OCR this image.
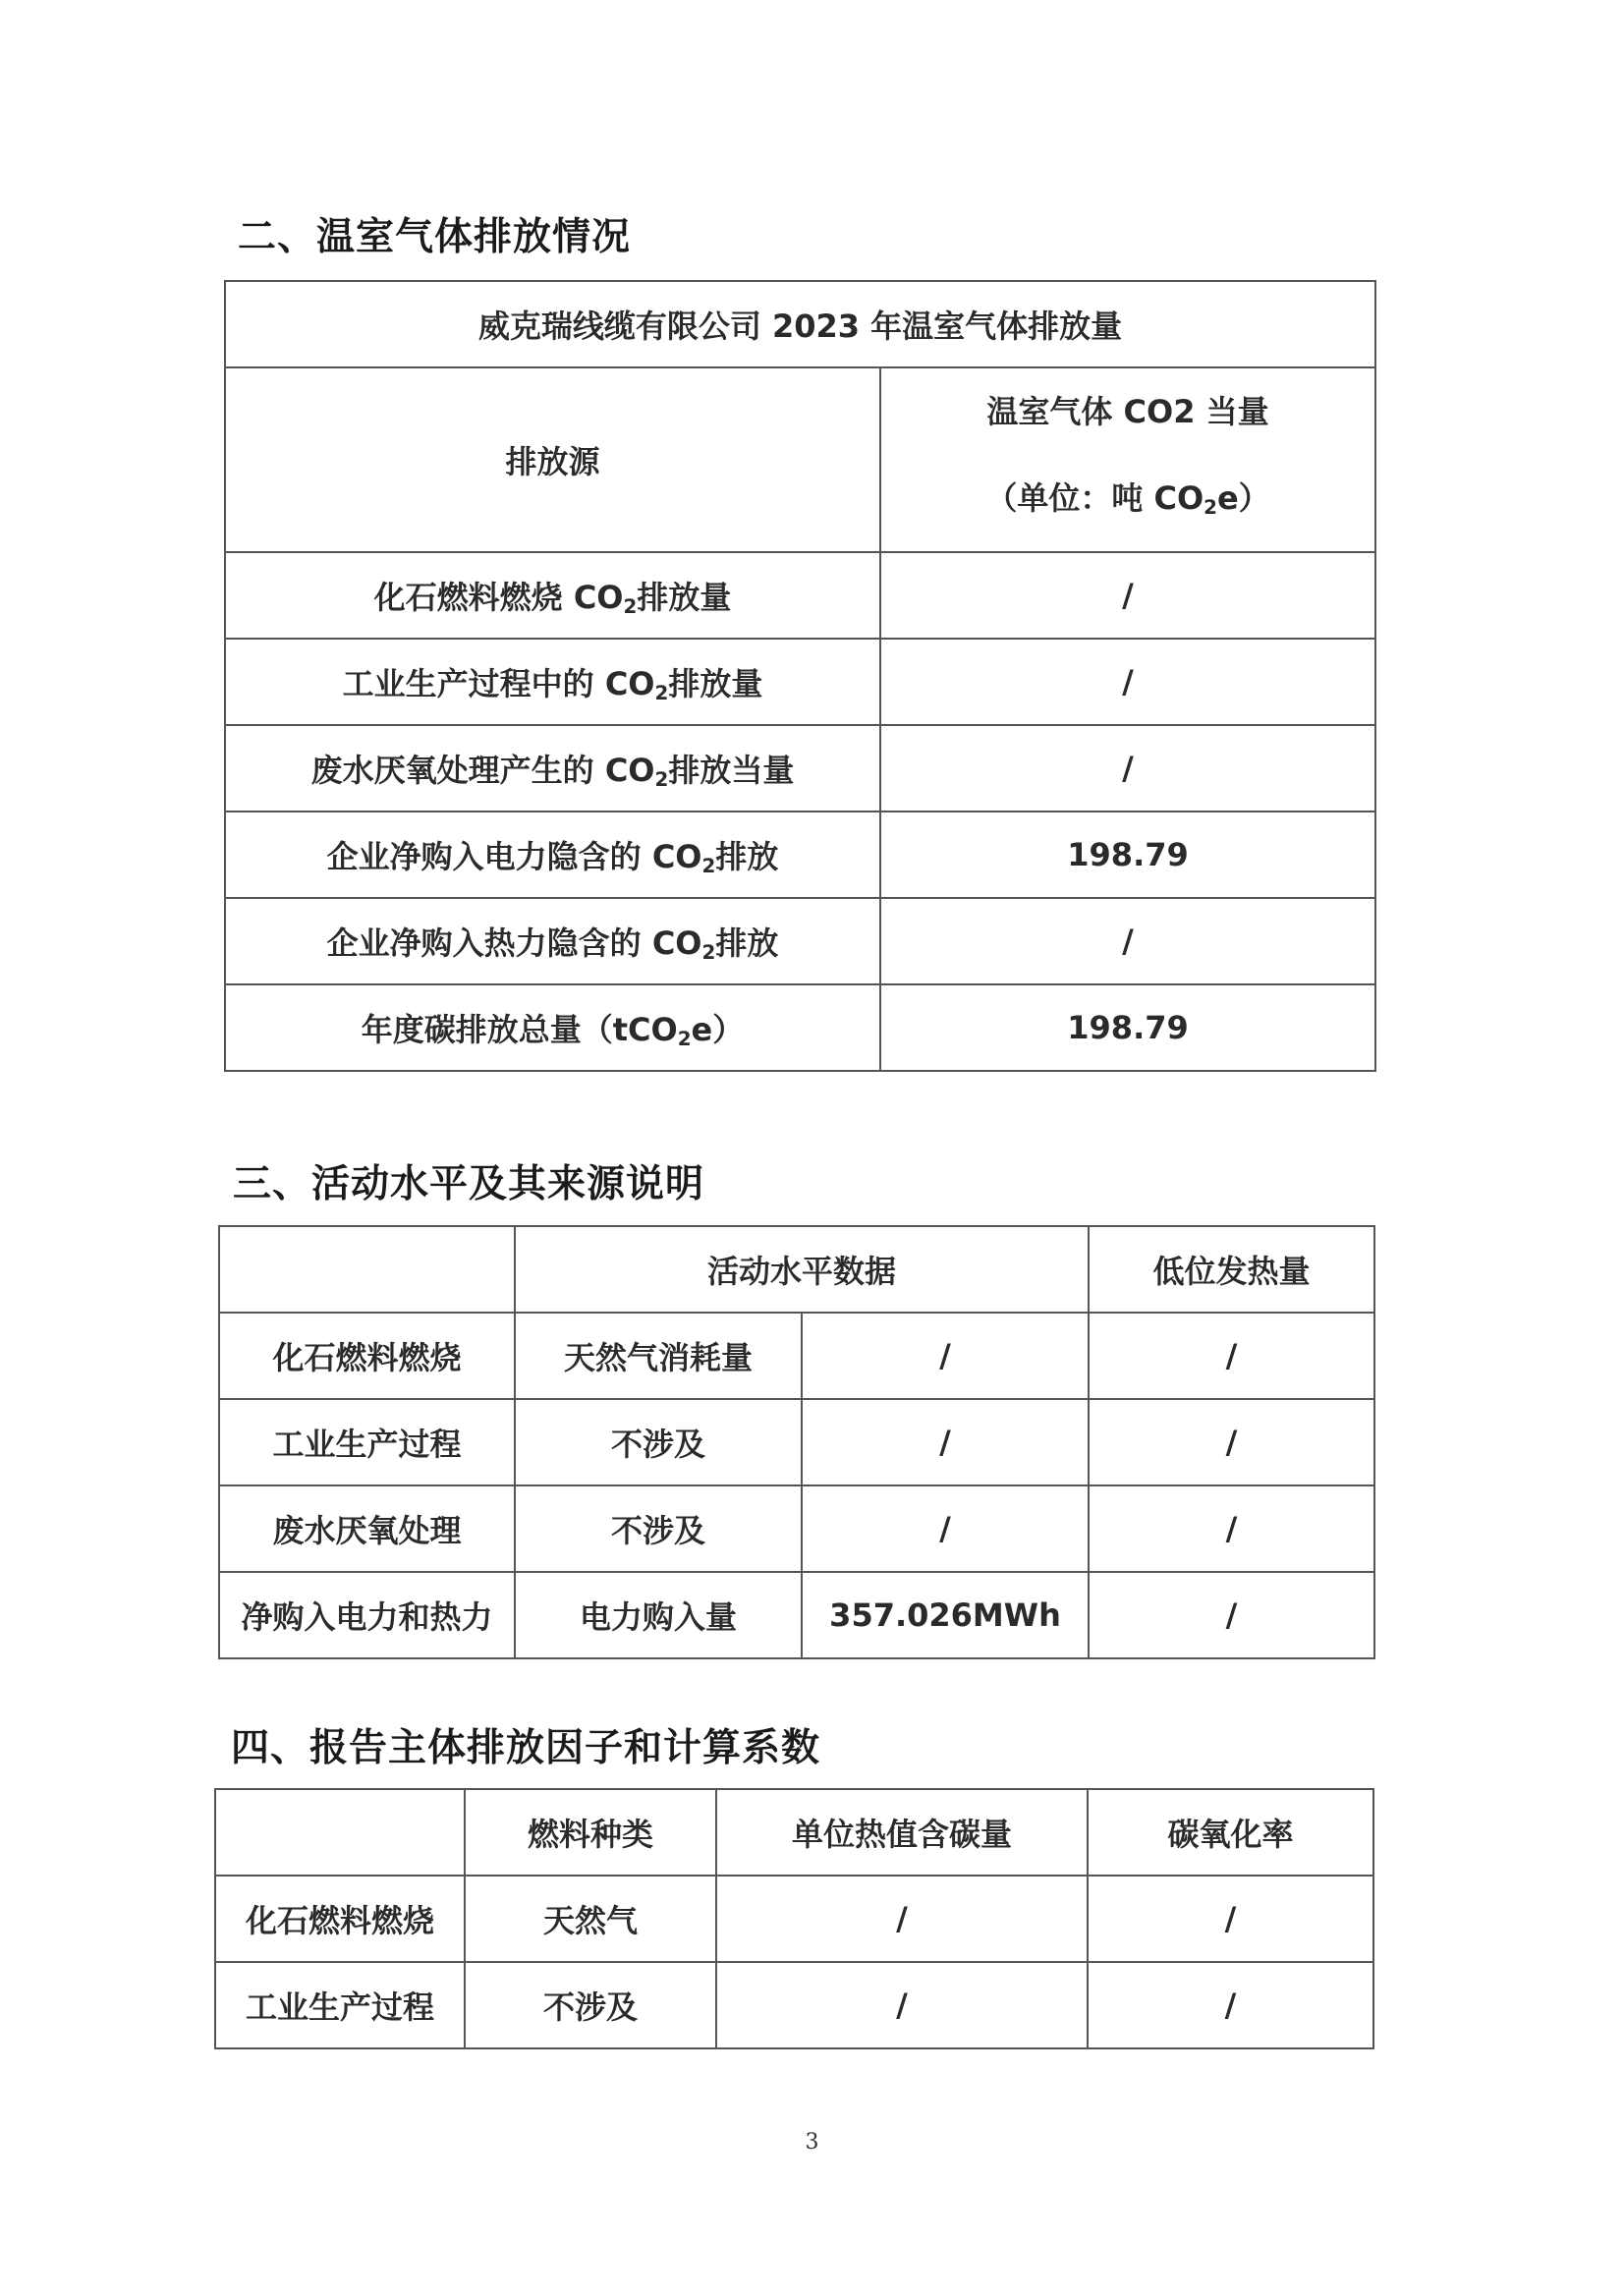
二、温室气体排放情况
威克瑞线缆有限公司 2023 年温室气体排放量	
排放源	温室气体 CO2 当量
（单位：吨 $CO_2e$）

化石燃料燃烧 $CO_2$排放量	/
工业生产过程中的 $CO_2$排放量	/
废水厌氧处理产生的 $CO_2$排放当量	/
企业净购入电力隐含的 $CO_2$排放	198.79
企业净购入热力隐含的 $CO_2$排放	/
年度碳排放总量（tCO$_2$e）	198.79
三、活动水平及其来源说明
	活动水平数据		低位发热量
化石燃料燃烧	天然气消耗量	/	/
工业生产过程	不涉及	/	/
废水厌氧处理	不涉及	/	/
净购入电力和热力	电力购入量	357.026MWh	/
四、报告主体排放因子和计算系数
	燃料种类	单位热值含碳量	碳氧化率
化石燃料燃烧	天然气	/	/
工业生产过程	不涉及	/	/
3
